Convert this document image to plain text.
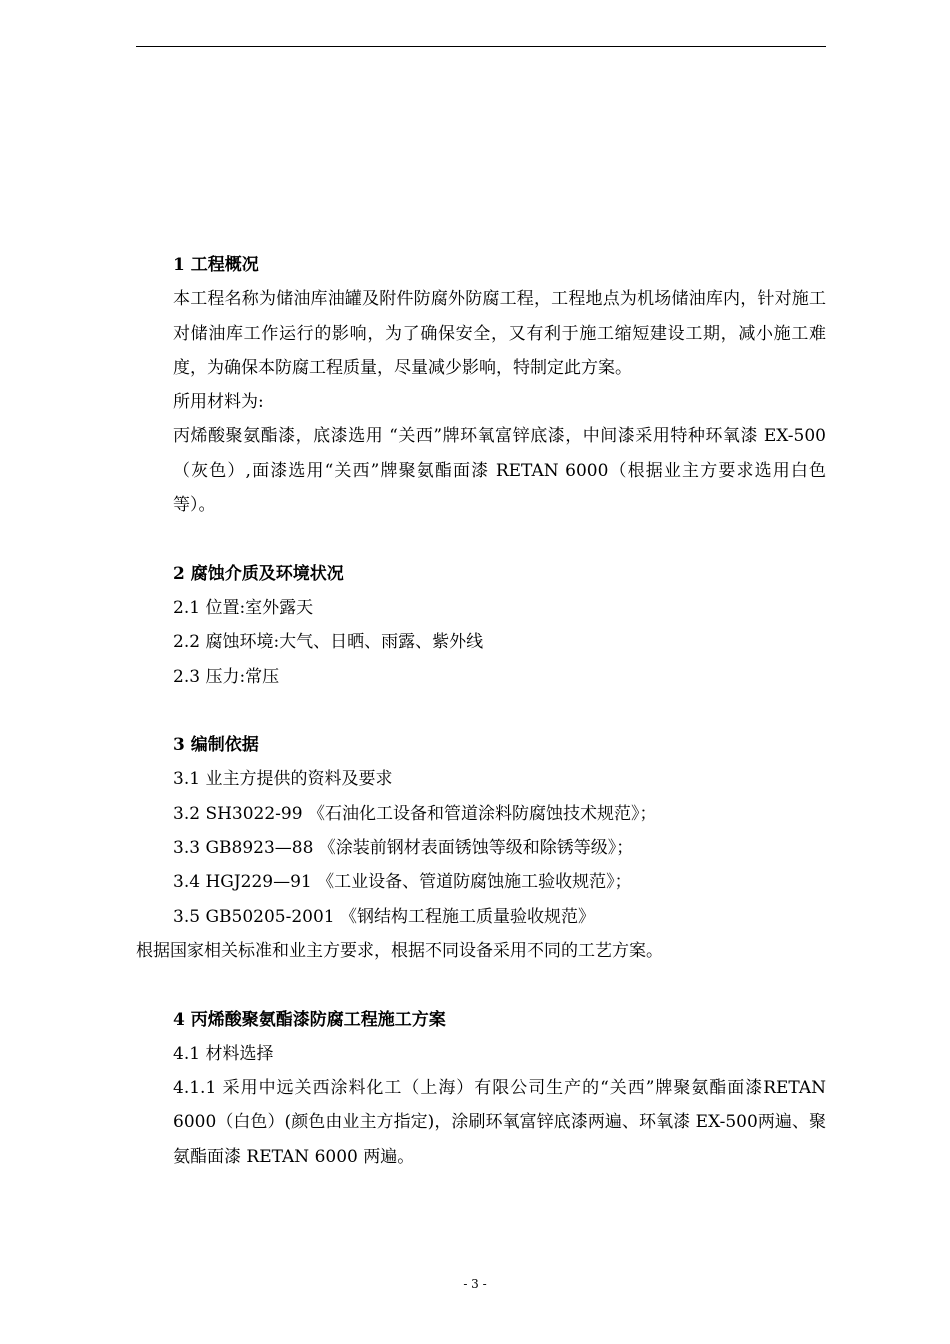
1 工程概况

本工程名称为储油库油罐及附件防腐外防腐工程，工程地点为机场储油库内，针对施工对储油库工作运行的影响，为了确保安全，又有利于施工缩短建设工期，减小施工难度，为确保本防腐工程质量，尽量减少影响，特制定此方案。

所用材料为:

丙烯酸聚氨酯漆，底漆选用 “关西”牌环氧富锌底漆，中间漆采用特种环氧漆 EX-500（灰色）,面漆选用“关西”牌聚氨酯面漆 RETAN 6000（根据业主方要求选用白色等）。

2 腐蚀介质及环境状况

2.1 位置:室外露天

2.2 腐蚀环境:大气、日晒、雨露、紫外线

2.3 压力:常压

3 编制依据

3.1 业主方提供的资料及要求

3.2 SH3022-99 《石油化工设备和管道涂料防腐蚀技术规范》；

3.3 GB8923—88 《涂装前钢材表面锈蚀等级和除锈等级》；

3.4 HGJ229—91 《工业设备、管道防腐蚀施工验收规范》；

3.5 GB50205-2001 《钢结构工程施工质量验收规范》

根据国家相关标准和业主方要求，根据不同设备采用不同的工艺方案。

4 丙烯酸聚氨酯漆防腐工程施工方案

4.1 材料选择

4.1.1 采用中远关西涂料化工（上海）有限公司生产的“关西”牌聚氨酯面漆RETAN 6000（白色）(颜色由业主方指定)，涂刷环氧富锌底漆两遍、环氧漆 EX-500两遍、聚氨酯面漆 RETAN 6000 两遍。

- 3 -
